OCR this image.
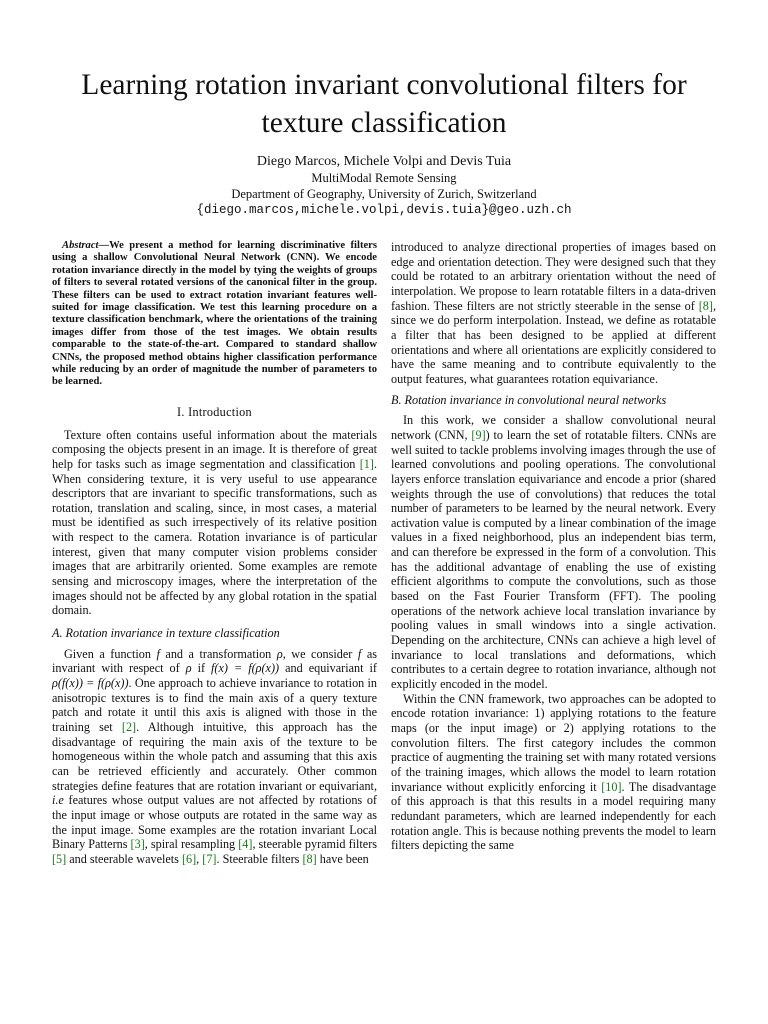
Learning rotation invariant convolutional filters for texture classification
Diego Marcos, Michele Volpi and Devis Tuia
MultiModal Remote Sensing
Department of Geography, University of Zurich, Switzerland
{diego.marcos,michele.volpi,devis.tuia}@geo.uzh.ch

Abstract—We present a method for learning discriminative filters using a shallow Convolutional Neural Network (CNN). We encode rotation invariance directly in the model by tying the weights of groups of filters to several rotated versions of the canonical filter in the group. These filters can be used to extract rotation invariant features well-suited for image classification. We test this learning procedure on a texture classification benchmark, where the orientations of the training images differ from those of the test images. We obtain results comparable to the state-of-the-art. Compared to standard shallow CNNs, the proposed method obtains higher classification performance while reducing by an order of magnitude the number of parameters to be learned.

I. Introduction

Texture often contains useful information about the materials composing the objects present in an image. It is therefore of great help for tasks such as image segmentation and classification [1]. When considering texture, it is very useful to use appearance descriptors that are invariant to specific transformations, such as rotation, translation and scaling, since, in most cases, a material must be identified as such irrespectively of its relative position with respect to the camera. Rotation invariance is of particular interest, given that many computer vision problems consider images that are arbitrarily oriented. Some examples are remote sensing and microscopy images, where the interpretation of the images should not be affected by any global rotation in the spatial domain.

A. Rotation invariance in texture classification

Given a function f and a transformation ρ, we consider f as invariant with respect of ρ if f(x) = f(ρ(x)) and equivariant if ρ(f(x)) = f(ρ(x)). One approach to achieve invariance to rotation in anisotropic textures is to find the main axis of a query texture patch and rotate it until this axis is aligned with those in the training set [2]. Although intuitive, this approach has the disadvantage of requiring the main axis of the texture to be homogeneous within the whole patch and assuming that this axis can be retrieved efficiently and accurately. Other common strategies define features that are rotation invariant or equivariant, i.e features whose output values are not affected by rotations of the input image or whose outputs are rotated in the same way as the input image. Some examples are the rotation invariant Local Binary Patterns [3], spiral resampling [4], steerable pyramid filters [5] and steerable wavelets [6], [7]. Steerable filters [8] have been

introduced to analyze directional properties of images based on edge and orientation detection. They were designed such that they could be rotated to an arbitrary orientation without the need of interpolation. We propose to learn rotatable filters in a data-driven fashion. These filters are not strictly steerable in the sense of [8], since we do perform interpolation. Instead, we define as rotatable a filter that has been designed to be applied at different orientations and where all orientations are explicitly considered to have the same meaning and to contribute equivalently to the output features, what guarantees rotation equivariance.

B. Rotation invariance in convolutional neural networks

In this work, we consider a shallow convolutional neural network (CNN, [9]) to learn the set of rotatable filters. CNNs are well suited to tackle problems involving images through the use of learned convolutions and pooling operations. The convolutional layers enforce translation equivariance and encode a prior (shared weights through the use of convolutions) that reduces the total number of parameters to be learned by the neural network. Every activation value is computed by a linear combination of the image values in a fixed neighborhood, plus an independent bias term, and can therefore be expressed in the form of a convolution. This has the additional advantage of enabling the use of existing efficient algorithms to compute the convolutions, such as those based on the Fast Fourier Transform (FFT). The pooling operations of the network achieve local translation invariance by pooling values in small windows into a single activation. Depending on the architecture, CNNs can achieve a high level of invariance to local translations and deformations, which contributes to a certain degree to rotation invariance, although not explicitly encoded in the model.

Within the CNN framework, two approaches can be adopted to encode rotation invariance: 1) applying rotations to the feature maps (or the input image) or 2) applying rotations to the convolution filters. The first category includes the common practice of augmenting the training set with many rotated versions of the training images, which allows the model to learn rotation invariance without explicitly enforcing it [10]. The disadvantage of this approach is that this results in a model requiring many redundant parameters, which are learned independently for each rotation angle. This is because nothing prevents the model to learn filters depicting the same
